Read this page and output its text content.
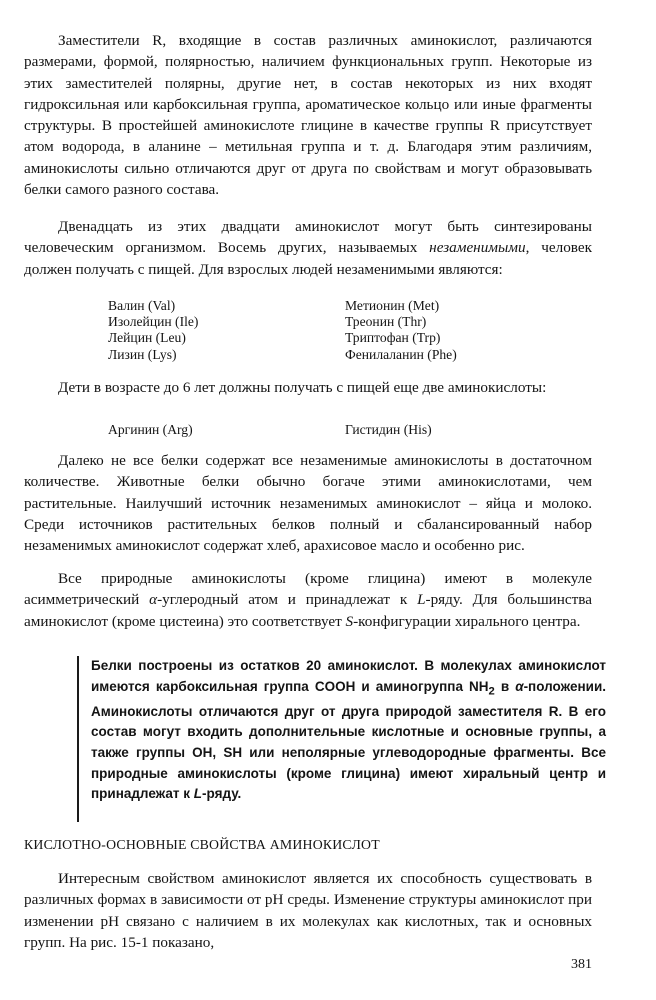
Заместители R, входящие в состав различных аминокислот, различаются размерами, формой, полярностью, наличием функциональных групп. Некоторые из этих заместителей полярны, другие нет, в состав некоторых из них входят гидроксильная или карбоксильная группа, ароматическое кольцо или иные фрагменты структуры. В простейшей аминокислоте глицине в качестве группы R присутствует атом водорода, в аланине – метильная группа и т. д. Благодаря этим различиям, аминокислоты сильно отличаются друг от друга по свойствам и могут образовывать белки самого разного состава.

Двенадцать из этих двадцати аминокислот могут быть синтезированы человеческим организмом. Восемь других, называемых незаменимыми, человек должен получать с пищей. Для взрослых людей незаменимыми являются:

Валин (Val)
Изолейцин (Ile)
Лейцин (Leu)
Лизин (Lys)
Метионин (Met)
Треонин (Thr)
Триптофан (Trp)
Фенилаланин (Phe)

Дети в возрасте до 6 лет должны получать с пищей еще две аминокислоты:

Аргинин (Arg)	Гистидин (His)

Далеко не все белки содержат все незаменимые аминокислоты в достаточном количестве. Животные белки обычно богаче этими аминокислотами, чем растительные. Наилучший источник незаменимых аминокислот – яйца и молоко. Среди источников растительных белков полный и сбалансированный набор незаменимых аминокислот содержат хлеб, арахисовое масло и особенно рис.

Все природные аминокислоты (кроме глицина) имеют в молекуле асимметрический α-углеродный атом и принадлежат к L-ряду. Для большинства аминокислот (кроме цистеина) это соответствует S-конфигурации хирального центра.

Белки построены из остатков 20 аминокислот. В молекулах аминокислот имеются карбоксильная группа COOH и аминогруппа $NH_2$ в α-положении. Аминокислоты отличаются друг от друга природой заместителя R. В его состав могут входить дополнительные кислотные и основные группы, а также группы OH, SH или неполярные углеводородные фрагменты. Все природные аминокислоты (кроме глицина) имеют хиральный центр и принадлежат к L-ряду.

КИСЛОТНО-ОСНОВНЫЕ СВОЙСТВА АМИНОКИСЛОТ

Интересным свойством аминокислот является их способность существовать в различных формах в зависимости от pH среды. Изменение структуры аминокислот при изменении pH связано с наличием в их молекулах как кислотных, так и основных групп. На рис. 15-1 показано,

381
